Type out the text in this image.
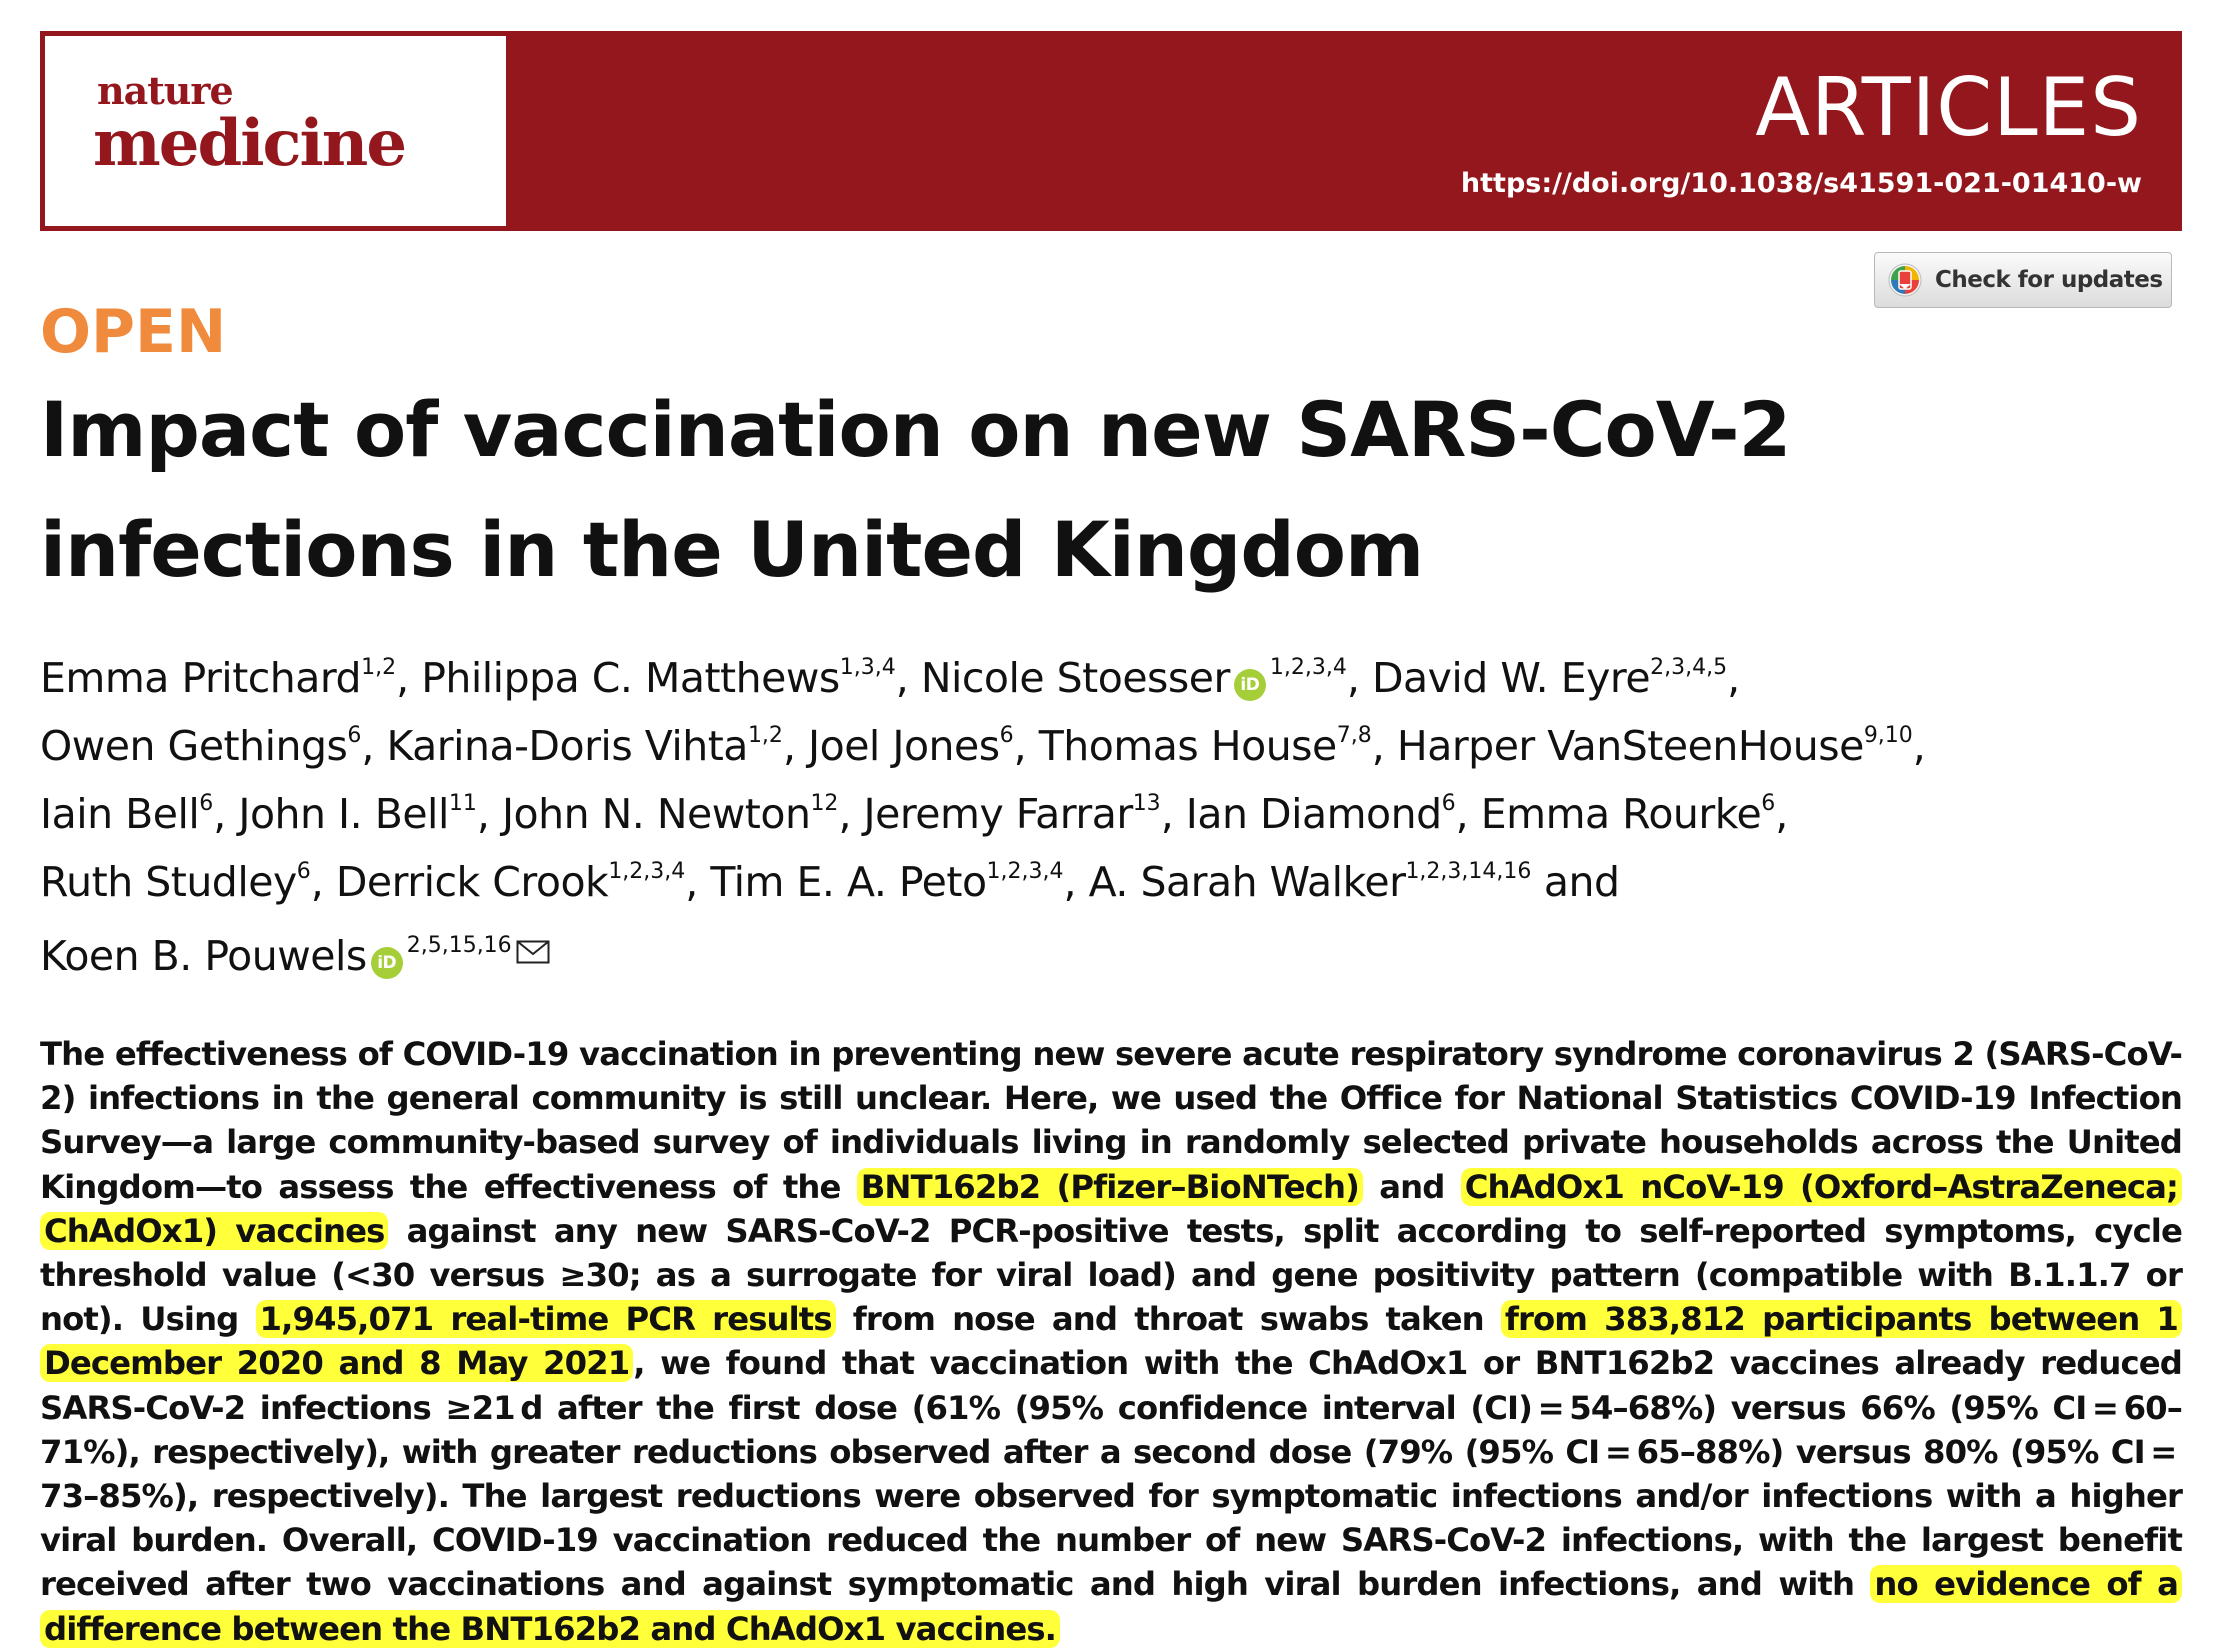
nature
medicine	ARTICLES
https://doi.org/10.1038/s41591-021-01410-w
Check for updates
OPEN
Impact of vaccination on new SARS-CoV-2
infections in the United Kingdom
Emma Pritchard$^{1,2}$, Philippa C. Matthews$^{1,3,4}$, Nicole Stoesser iD$^{1,2,3,4}$, David W. Eyre$^{2,3,4,5}$,
Owen Gethings$^6$, Karina-Doris Vihta$^{1,2}$, Joel Jones$^6$, Thomas House$^{7,8}$, Harper VanSteenHouse$^{9,10}$,
Iain Bell$^6$, John I. Bell$^{11}$, John N. Newton$^{12}$, Jeremy Farrar$^{13}$, Ian Diamond$^6$, Emma Rourke$^6$,
Ruth Studley$^6$, Derrick Crook$^{1,2,3,4}$, Tim E. A. Peto$^{1,2,3,4}$, A. Sarah Walker$^{1,2,3,14,16}$ and
Koen B. Pouwels iD$^{2,5,15,16}$

The effectiveness of COVID-19 vaccination in preventing new severe acute respiratory syndrome coronavirus 2 (SARS-CoV-2) infections in the general community is still unclear. Here, we used the Office for National Statistics COVID-19 Infection Survey—a large community-based survey of individuals living in randomly selected private households across the United Kingdom—to assess the effectiveness of the BNT162b2 (Pfizer–BioNTech) and ChAdOx1 nCoV-19 (Oxford–AstraZeneca; ChAdOx1) vaccines against any new SARS-CoV-2 PCR-positive tests, split according to self-reported symptoms, cycle threshold value (<30 versus ≥30; as a surrogate for viral load) and gene positivity pattern (compatible with B.1.1.7 or not). Using 1,945,071 real-time PCR results from nose and throat swabs taken from 383,812 participants between 1 December 2020 and 8 May 2021 , we found that vaccination with the ChAdOx1 or BNT162b2 vaccines already reduced SARS-CoV-2 infections ≥21 d after the first dose (61% (95% confidence interval (CI) = 54–68%) versus 66% (95% CI = 60–71%), respectively), with greater reductions observed after a second dose (79% (95% CI = 65–88%) versus 80% (95% CI = 73–85%), respectively). The largest reductions were observed for symptomatic infections and/or infections with a higher viral burden. Overall, COVID-19 vaccination reduced the number of new SARS-CoV-2 infections, with the largest benefit received after two vaccinations and against symptomatic and high viral burden infections, and with no evidence of a difference between the BNT162b2 and ChAdOx1 vaccines.
